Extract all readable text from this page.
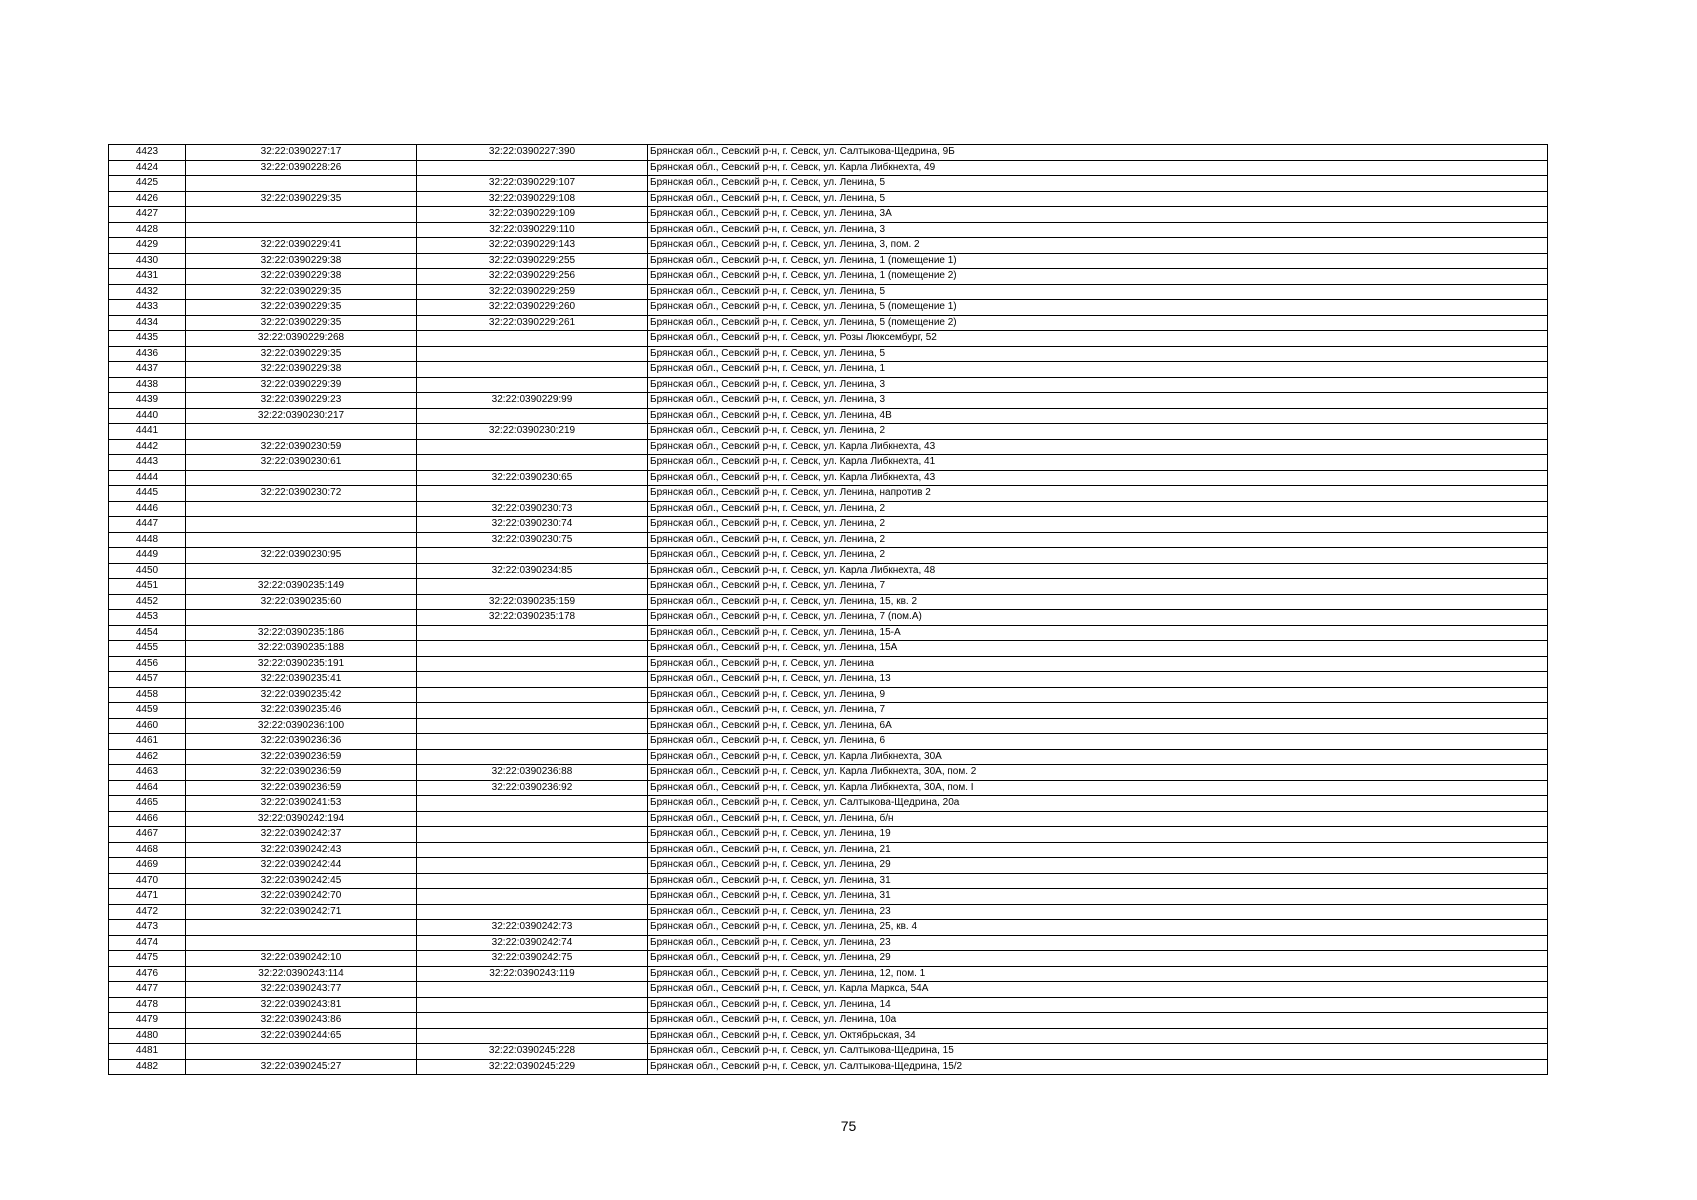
4423	32:22:0390227:17	32:22:0390227:390	Брянская обл., Севский р-н, г. Севск, ул. Салтыкова-Щедрина, 9Б
4424	32:22:0390228:26		Брянская обл., Севский р-н, г. Севск, ул. Карла Либкнехта, 49
4425		32:22:0390229:107	Брянская обл., Севский р-н, г. Севск, ул. Ленина, 5
4426	32:22:0390229:35	32:22:0390229:108	Брянская обл., Севский р-н, г. Севск, ул. Ленина, 5
4427		32:22:0390229:109	Брянская обл., Севский р-н, г. Севск, ул. Ленина, 3А
4428		32:22:0390229:110	Брянская обл., Севский р-н, г. Севск, ул. Ленина, 3
4429	32:22:0390229:41	32:22:0390229:143	Брянская обл., Севский р-н, г. Севск, ул. Ленина, 3, пом. 2
4430	32:22:0390229:38	32:22:0390229:255	Брянская обл., Севский р-н, г. Севск, ул. Ленина, 1 (помещение 1)
4431	32:22:0390229:38	32:22:0390229:256	Брянская обл., Севский р-н, г. Севск, ул. Ленина, 1 (помещение 2)
4432	32:22:0390229:35	32:22:0390229:259	Брянская обл., Севский р-н, г. Севск, ул. Ленина, 5
4433	32:22:0390229:35	32:22:0390229:260	Брянская обл., Севский р-н, г. Севск, ул. Ленина, 5 (помещение 1)
4434	32:22:0390229:35	32:22:0390229:261	Брянская обл., Севский р-н, г. Севск, ул. Ленина, 5 (помещение 2)
4435	32:22:0390229:268		Брянская обл., Севский р-н, г. Севск, ул. Розы Люксембург, 52
4436	32:22:0390229:35		Брянская обл., Севский р-н, г. Севск, ул. Ленина, 5
4437	32:22:0390229:38		Брянская обл., Севский р-н, г. Севск, ул. Ленина, 1
4438	32:22:0390229:39		Брянская обл., Севский р-н, г. Севск, ул. Ленина, 3
4439	32:22:0390229:23	32:22:0390229:99	Брянская обл., Севский р-н, г. Севск, ул. Ленина, 3
4440	32:22:0390230:217		Брянская обл., Севский р-н, г. Севск, ул. Ленина, 4В
4441		32:22:0390230:219	Брянская обл., Севский р-н, г. Севск, ул. Ленина, 2
4442	32:22:0390230:59		Брянская обл., Севский р-н, г. Севск, ул. Карла Либкнехта, 43
4443	32:22:0390230:61		Брянская обл., Севский р-н, г. Севск, ул. Карла Либкнехта, 41
4444		32:22:0390230:65	Брянская обл., Севский р-н, г. Севск, ул. Карла Либкнехта, 43
4445	32:22:0390230:72		Брянская обл., Севский р-н, г. Севск, ул. Ленина, напротив 2
4446		32:22:0390230:73	Брянская обл., Севский р-н, г. Севск, ул. Ленина, 2
4447		32:22:0390230:74	Брянская обл., Севский р-н, г. Севск, ул. Ленина, 2
4448		32:22:0390230:75	Брянская обл., Севский р-н, г. Севск, ул. Ленина, 2
4449	32:22:0390230:95		Брянская обл., Севский р-н, г. Севск, ул. Ленина, 2
4450		32:22:0390234:85	Брянская обл., Севский р-н, г. Севск, ул. Карла Либкнехта, 48
4451	32:22:0390235:149		Брянская обл., Севский р-н, г. Севск, ул. Ленина, 7
4452	32:22:0390235:60	32:22:0390235:159	Брянская обл., Севский р-н, г. Севск, ул. Ленина, 15, кв. 2
4453		32:22:0390235:178	Брянская обл., Севский р-н, г. Севск, ул. Ленина, 7 (пом.А)
4454	32:22:0390235:186		Брянская обл., Севский р-н, г. Севск, ул. Ленина, 15-А
4455	32:22:0390235:188		Брянская обл., Севский р-н, г. Севск, ул. Ленина, 15А
4456	32:22:0390235:191		Брянская обл., Севский р-н, г. Севск, ул. Ленина
4457	32:22:0390235:41		Брянская обл., Севский р-н, г. Севск, ул. Ленина, 13
4458	32:22:0390235:42		Брянская обл., Севский р-н, г. Севск, ул. Ленина, 9
4459	32:22:0390235:46		Брянская обл., Севский р-н, г. Севск, ул. Ленина, 7
4460	32:22:0390236:100		Брянская обл., Севский р-н, г. Севск, ул. Ленина, 6А
4461	32:22:0390236:36		Брянская обл., Севский р-н, г. Севск, ул. Ленина, 6
4462	32:22:0390236:59		Брянская обл., Севский р-н, г. Севск, ул. Карла Либкнехта, 30А
4463	32:22:0390236:59	32:22:0390236:88	Брянская обл., Севский р-н, г. Севск, ул. Карла Либкнехта, 30А, пом. 2
4464	32:22:0390236:59	32:22:0390236:92	Брянская обл., Севский р-н, г. Севск, ул. Карла Либкнехта, 30А, пом. I
4465	32:22:0390241:53		Брянская обл., Севский р-н, г. Севск, ул. Салтыкова-Щедрина, 20а
4466	32:22:0390242:194		Брянская обл., Севский р-н, г. Севск, ул. Ленина, б/н
4467	32:22:0390242:37		Брянская обл., Севский р-н, г. Севск, ул. Ленина, 19
4468	32:22:0390242:43		Брянская обл., Севский р-н, г. Севск, ул. Ленина, 21
4469	32:22:0390242:44		Брянская обл., Севский р-н, г. Севск, ул. Ленина, 29
4470	32:22:0390242:45		Брянская обл., Севский р-н, г. Севск, ул. Ленина, 31
4471	32:22:0390242:70		Брянская обл., Севский р-н, г. Севск, ул. Ленина, 31
4472	32:22:0390242:71		Брянская обл., Севский р-н, г. Севск, ул. Ленина, 23
4473		32:22:0390242:73	Брянская обл., Севский р-н, г. Севск, ул. Ленина, 25, кв. 4
4474		32:22:0390242:74	Брянская обл., Севский р-н, г. Севск, ул. Ленина, 23
4475	32:22:0390242:10	32:22:0390242:75	Брянская обл., Севский р-н, г. Севск, ул. Ленина, 29
4476	32:22:0390243:114	32:22:0390243:119	Брянская обл., Севский р-н, г. Севск, ул. Ленина, 12, пом. 1
4477	32:22:0390243:77		Брянская обл., Севский р-н, г. Севск, ул. Карла Маркса, 54А
4478	32:22:0390243:81		Брянская обл., Севский р-н, г. Севск, ул. Ленина, 14
4479	32:22:0390243:86		Брянская обл., Севский р-н, г. Севск, ул. Ленина, 10а
4480	32:22:0390244:65		Брянская обл., Севский р-н, г. Севск, ул. Октябрьская, 34
4481		32:22:0390245:228	Брянская обл., Севский р-н, г. Севск, ул. Салтыкова-Щедрина, 15
4482	32:22:0390245:27	32:22:0390245:229	Брянская обл., Севский р-н, г. Севск, ул. Салтыкова-Щедрина, 15/2
75
